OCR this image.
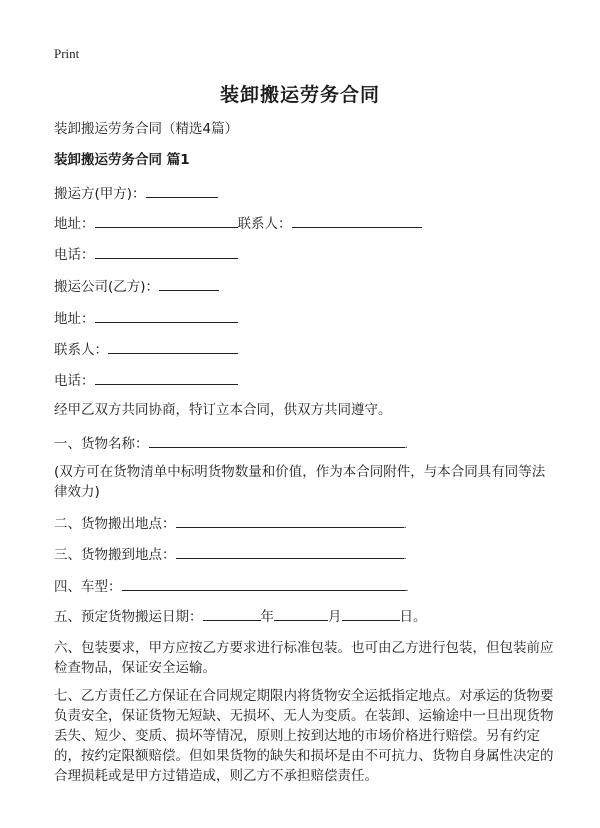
Print
装卸搬运劳务合同
装卸搬运劳务合同（精选4篇）
装卸搬运劳务合同 篇1
搬运方(甲方)：
地址：	联系人：
电话：
搬运公司(乙方)：
地址：
联系人：
电话：
经甲乙双方共同协商，特订立本合同，供双方共同遵守。
一、货物名称：	.
(双方可在货物清单中标明货物数量和价值，作为本合同附件，与本合同具有同等法律效力)
二、货物搬出地点：	.
三、货物搬到地点：	.
四、车型：	.
五、预定货物搬运日期：	年	月	日。
六、包装要求，甲方应按乙方要求进行标准包装。也可由乙方进行包装，但包装前应检查物品，保证安全运输。
七、乙方责任乙方保证在合同规定期限内将货物安全运抵指定地点。对承运的货物要负责安全，保证货物无短缺、无损坏、无人为变质。在装卸、运输途中一旦出现货物丢失、短少、变质、损坏等情况，原则上按到达地的市场价格进行赔偿。另有约定的，按约定限额赔偿。但如果货物的缺失和损坏是由不可抗力、货物自身属性决定的合理损耗或是甲方过错造成，则乙方不承担赔偿责任。
